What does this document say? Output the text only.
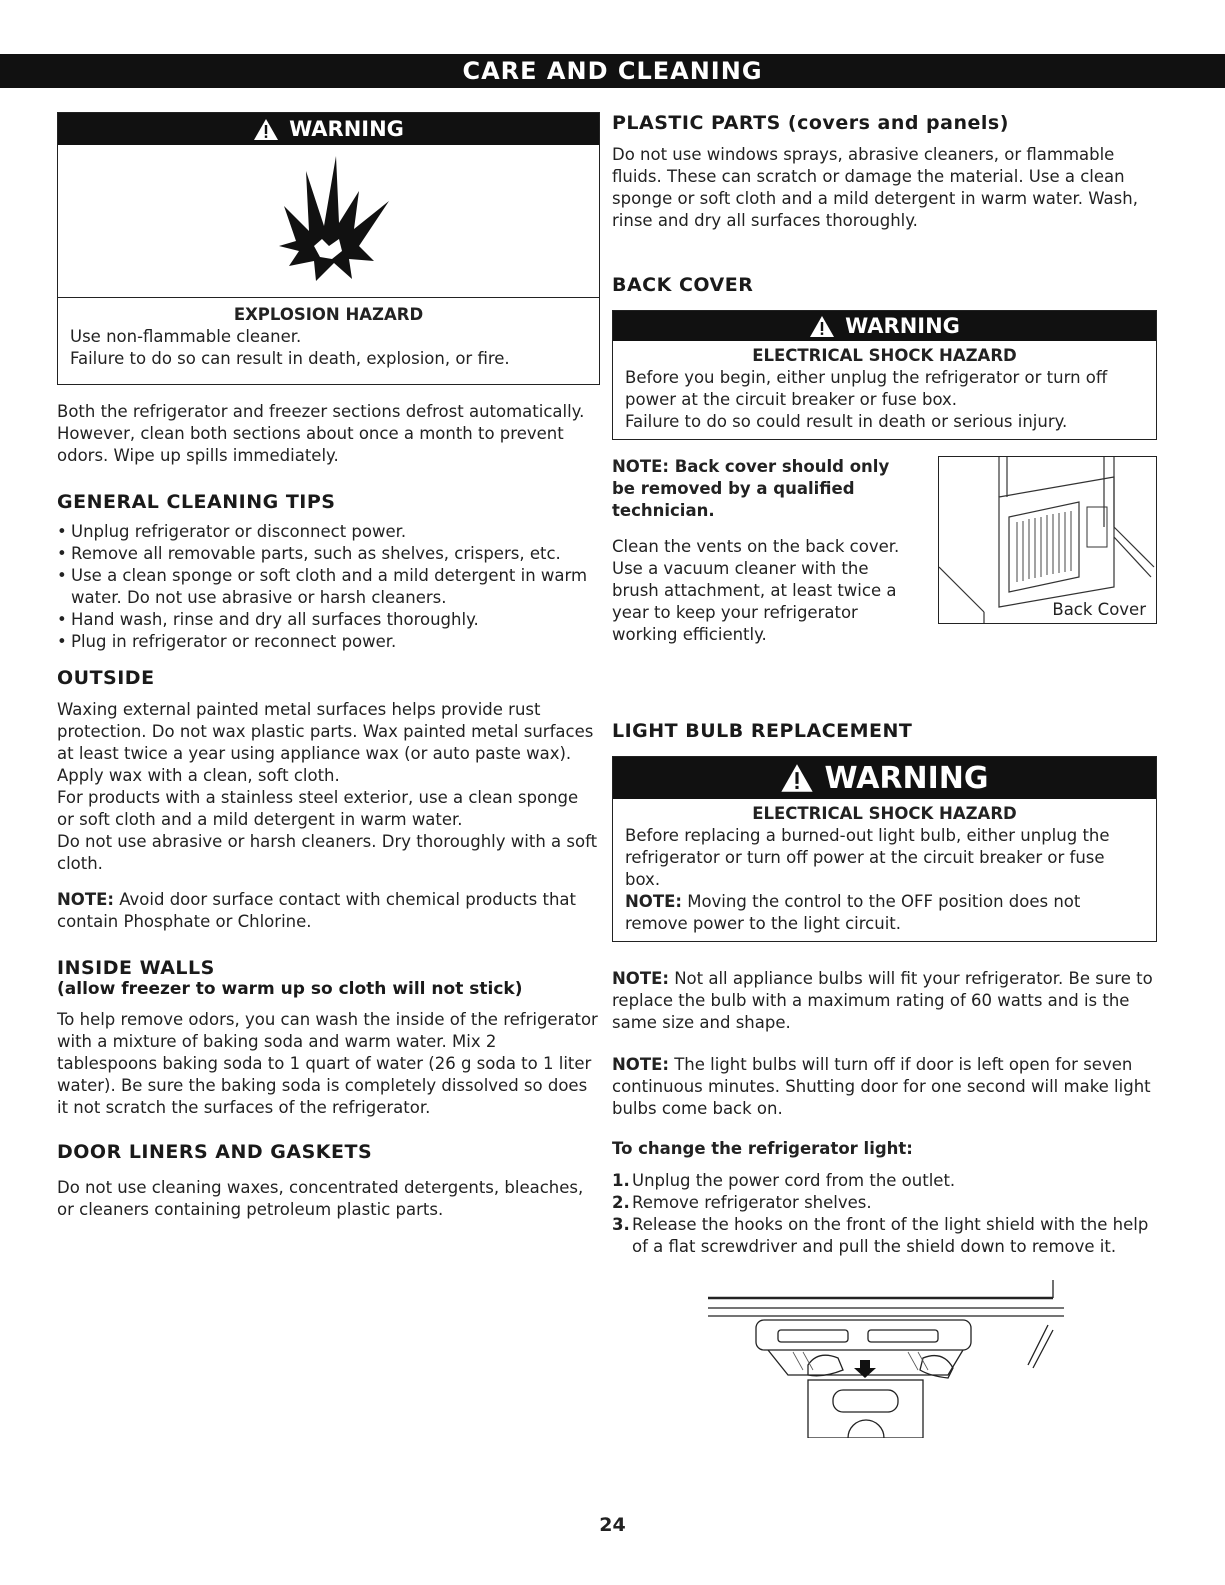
CARE AND CLEANING
WARNING
EXPLOSION HAZARD

Use non-flammable cleaner.

Failure to do so can result in death, explosion, or fire.

Both the refrigerator and freezer sections defrost automatically. However, clean both sections about once a month to prevent odors. Wipe up spills immediately.

GENERAL CLEANING TIPS
• Unplug refrigerator or disconnect power.
• Remove all removable parts, such as shelves, crispers, etc.
• Use a clean sponge or soft cloth and a mild detergent in warm water. Do not use abrasive or harsh cleaners.
• Hand wash, rinse and dry all surfaces thoroughly.
• Plug in refrigerator or reconnect power.
OUTSIDE

Waxing external painted metal surfaces helps provide rust protection. Do not wax plastic parts. Wax painted metal surfaces at least twice a year using appliance wax (or auto paste wax). Apply wax with a clean, soft cloth.

For products with a stainless steel exterior, use a clean sponge or soft cloth and a mild detergent in warm water.

Do not use abrasive or harsh cleaners. Dry thoroughly with a soft cloth.

NOTE: Avoid door surface contact with chemical products that contain Phosphate or Chlorine.

INSIDE WALLS
(allow freezer to warm up so cloth will not stick)

To help remove odors, you can wash the inside of the refrigerator with a mixture of baking soda and warm water. Mix 2 tablespoons baking soda to 1 quart of water (26 g soda to 1 liter water). Be sure the baking soda is completely dissolved so does it not scratch the surfaces of the refrigerator.

DOOR LINERS AND GASKETS

Do not use cleaning waxes, concentrated detergents, bleaches, or cleaners containing petroleum plastic parts.

PLASTIC PARTS (covers and panels)

Do not use windows sprays, abrasive cleaners, or flammable fluids. These can scratch or damage the material. Use a clean sponge or soft cloth and a mild detergent in warm water. Wash, rinse and dry all surfaces thoroughly.

BACK COVER
WARNING
ELECTRICAL SHOCK HAZARD

Before you begin, either unplug the refrigerator or turn off power at the circuit breaker or fuse box.

Failure to do so could result in death or serious injury.

NOTE: Back cover should only be removed by a qualified technician.

Clean the vents on the back cover. Use a vacuum cleaner with the brush attachment, at least twice a year to keep your refrigerator working efficiently.

Back Cover
LIGHT BULB REPLACEMENT
WARNING
ELECTRICAL SHOCK HAZARD

Before replacing a burned-out light bulb, either unplug the refrigerator or turn off power at the circuit breaker or fuse box.

NOTE: Moving the control to the OFF position does not remove power to the light circuit.

NOTE: Not all appliance bulbs will fit your refrigerator. Be sure to replace the bulb with a maximum rating of 60 watts and is the same size and shape.

NOTE: The light bulbs will turn off if door is left open for seven continuous minutes. Shutting door for one second will make light bulbs come back on.

To change the refrigerator light:

1. Unplug the power cord from the outlet.
2. Remove refrigerator shelves.
3. Release the hooks on the front of the light shield with the help of a flat screwdriver and pull the shield down to remove it.
24
